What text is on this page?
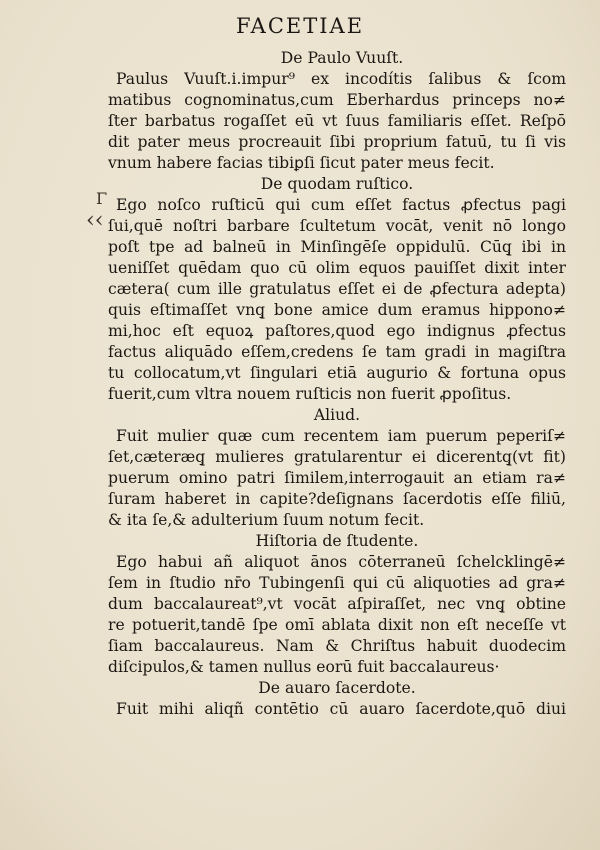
FACETIAE
Γ
‹‹
De Paulo Vuuſt.
Paulus Vuuſt.i.impur⁹ ex incodítis ſalibus & ſcom
matibus cognominatus,cum Eberhardus princeps no≠
ſter barbatus rogaſſet eū vt ſuus familiaris eſſet. Reſpō
dit pater meus procreauit ſibi proprium fatuū, tu ſi vis
vnum habere facias tibiꝑſi ſicut pater meus fecit.
De quodam ruſtico.
Ego noſco ruſticū qui cum eſſet factus ꝓfectus pagi
ſui,quē noſtri barbare ſcultetum vocāt, venit nō longo
poſt tpe ad balneū in Minſingēſe oppidulū. Cūq̧ ibi in
ueniſſet quēdam quo cū olim equos pauiſſet dixit inter
cætera( cum ille gratulatus eſſet ei de ꝓfectura adepta)
quis eſtimaſſet vnq̧ bone amice dum eramus hippono≠
mi,hoc eſt equoꝝ paſtores,quod ego indignus ꝓfectus
factus aliquādo eſſem,credens ſe tam gradi in magiſtra
tu collocatum,vt ſingulari etiā augurio & fortuna opus
fuerit,cum vltra nouem ruſticis non fuerit ꝓpoſitus.
Aliud.
Fuit mulier quæ cum recentem iam puerum peperiſ≠
ſet,cæteræq̧ mulieres gratularentur ei dicerentq̧(vt fit)
puerum omino patri ſimilem,interrogauit an etiam ra≠
ſuram haberet in capite?deſignans ſacerdotis eſſe filiū,
& ita ſe,& adulterium ſuum notum fecit.
Hiſtoria de ſtudente.
Ego habui añ aliquot ānos cōterraneū ſchelcklingē≠
ſem in ſtudio nr̄o Tubingenſi qui cū aliquoties ad gra≠
dum baccalaureat⁹,vt vocāt aſpiraſſet, nec vnq̧ obtine
re potuerit,tandē ſpe omī ablata dixit non eſt neceſſe vt
ſiam baccalaureus. Nam & Chriſtus habuit duodecim
diſcipulos,& tamen nullus eorū fuit baccalaureus·
De auaro ſacerdote.
Fuit mihi aliqñ contētio cū auaro ſacerdote,quō diui
